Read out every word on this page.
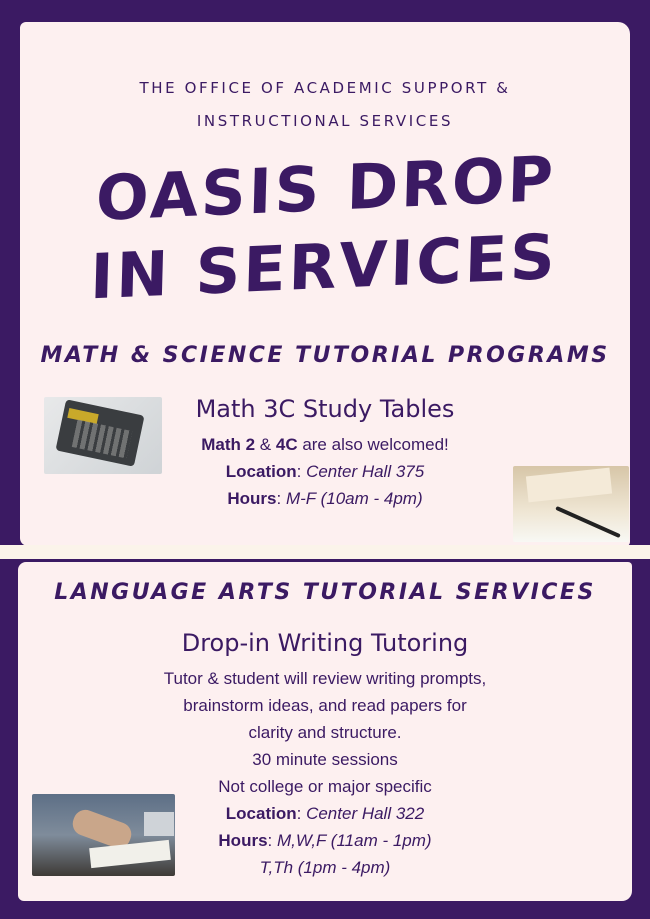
THE OFFICE OF ACADEMIC SUPPORT &
INSTRUCTIONAL SERVICES
OASIS DROP
IN SERVICES
MATH & SCIENCE TUTORIAL PROGRAMS
Math 3C Study Tables
Math 2 & 4C are also welcomed!
Location: Center Hall 375
Hours: M-F (10am - 4pm)
LANGUAGE ARTS TUTORIAL SERVICES
Drop-in Writing Tutoring
Tutor & student will review writing prompts,
brainstorm ideas, and read papers for
clarity and structure.
30 minute sessions
Not college or major specific
Location: Center Hall 322
Hours: M,W,F (11am - 1pm)
T,Th (1pm - 4pm)
